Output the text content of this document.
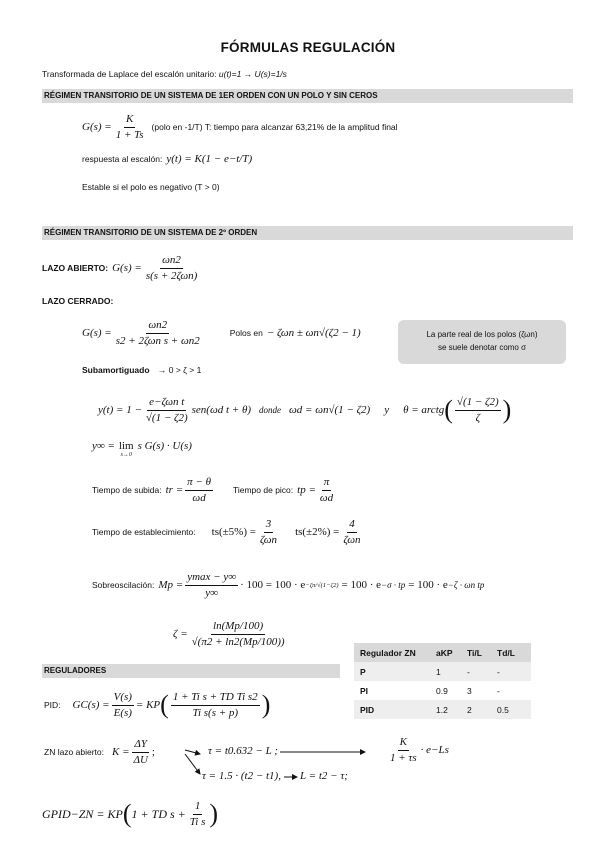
FÓRMULAS REGULACIÓN
Transformada de Laplace del escalón unitario: u(t)=1 → U(s)=1/s
RÉGIMEN TRANSITORIO DE UN SISTEMA DE 1ER ORDEN CON UN POLO Y SIN CEROS
$G(s) = \frac{K}{1 + Ts}$ (polo en -1/T) T: tiempo para alcanzar 63,21% de la amplitud final
respuesta al escalón: y(t) = K(1 − e−t/T)
Estable si el polo es negativo (T > 0)
RÉGIMEN TRANSITORIO DE UN SISTEMA DE 2º ORDEN
LAZO ABIERTO: $G(s) = \frac{\omega n2}{\text{s(s + 2ζωn)}}$
LAZO CERRADO:
$G(s) = \frac{\omega n2}{\text{s2 + 2ζωn s + ωn2}}$	Polos en − ζωn ± ωn√(ζ2 − 1)	La parte real de los polos (ζωn)
se suele denotar como σ
Subamortiguado → 0 > ζ > 1
$y(t) = 1 - \frac{\text{e−ζωn t}}{√(1 - \zeta 2)} sen(\omega d$ t + θ) donde ωd = ωn√(1 − ζ2) y θ = arctg ( $\frac{√(1 - \zeta 2)}{\zeta}$ )
y∞ = lim
s→0
s G(s) · U(s)
Tiempo de subida: tr = $\frac{\pi - \theta}{\omega d}$ Tiempo de pico: tp = $\frac{\pi}{\omega d}$
Tiempo de establecimiento: $ts(\pm 5\%) = \frac{3}{\text{ζωn}} ts(\pm 2\%) = \frac{4}{\text{ζωn}}$
Sobreoscilación: $Mp = \frac{ymax - y\infty}{y\infty} \cdot 100 = 100 \cdot e -\zeta\pi/√(1-\zeta 2) = 100 \cdot e -\sigma$ · tp = 100 · e −ζ · ωn tp
$\zeta = \frac{\ln(Mp/100)}{√(\pi 2 + \ln 2(Mp/100))}$
REGULADORES
Regulador ZN	aKP	Ti/L	Td/L
P	1	-	-
PI	0.9	3	-
PID	1.2	2	0.5
PID: $GC(s) = \frac{V(s)}{E(s)}$ = KP ( $\frac{\text{1 + Ti s + TD Ti s2}}{\text{Ti s(s + p)}}$ )
ZN lazo abierto: $K = \frac{\Delta Y}{\Delta U}$ ;	τ = t0.632 − L ;
τ = 1.5 · (t2 − t1), L = t2 − τ;
$\frac{K}{1 + \tau s} \cdot e-Ls$
GPID−ZN = KP ( 1 + TD $s + \frac{1}{\text{Ti s}}$ )
